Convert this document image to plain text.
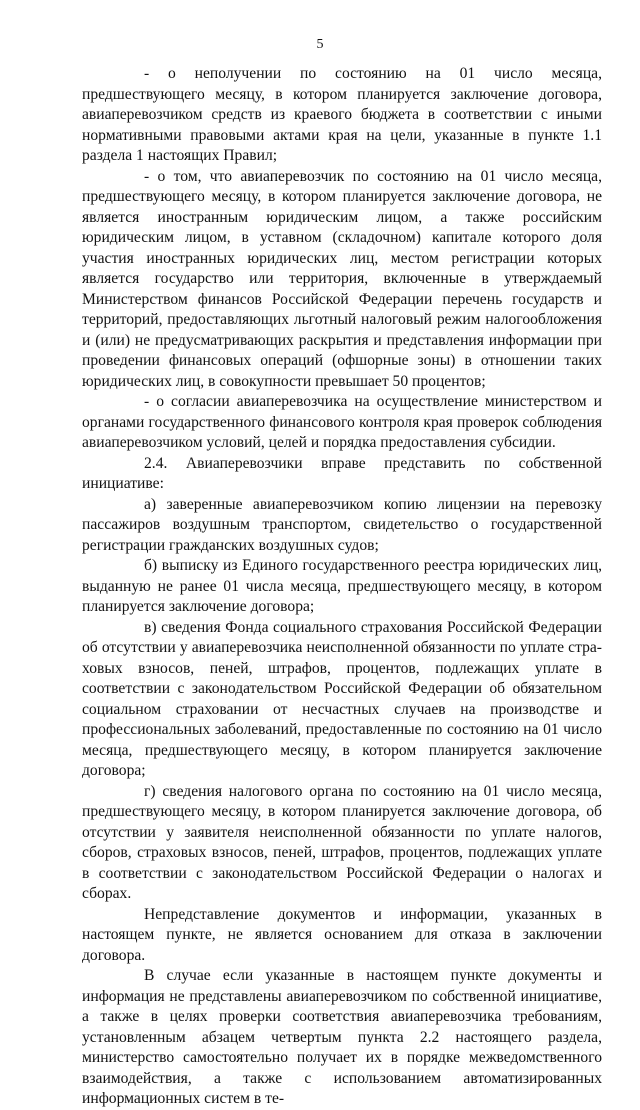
5

- о неполучении по состоянию на 01 число месяца, предшествующего месяцу, в котором планируется заключение договора, авиаперевозчиком средств из краевого бюджета в соответствии с иными нормативными правовыми актами края на цели, указанные в пункте 1.1 раздела 1 настоящих Правил;

- о том, что авиаперевозчик по состоянию на 01 число месяца, предшествующего месяцу, в котором планируется заключение договора, не является иностранным юридическим лицом, а также российским юридическим лицом, в уставном (складочном) капитале которого доля участия иностранных юридических лиц, местом регистрации которых является государство или территория, включенные в утверждаемый Министерством финансов Российской Федерации перечень государств и территорий, предоставляющих льготный налоговый режим налогообложения и (или) не предусматривающих раскрытия и представления информации при проведении финансовых операций (офшорные зоны) в отношении таких юридических лиц, в совокупности превышает 50 процентов;

- о согласии авиаперевозчика на осуществление министерством и органами государственного финансового контроля края проверок соблюдения авиаперевозчиком условий, целей и порядка предоставления субсидии.

2.4. Авиаперевозчики вправе представить по собственной инициативе:

а) заверенные авиаперевозчиком копию лицензии на перевозку пассажиров воздушным транспортом, свидетельство о государственной регистрации гражданских воздушных судов;

б) выписку из Единого государственного реестра юридических лиц, выданную не ранее 01 числа месяца, предшествующего месяцу, в котором планируется заключение договора;

в) сведения Фонда социального страхования Российской Федерации об отсутствии у авиаперевозчика неисполненной обязанности по уплате страховых взносов, пеней, штрафов, процентов, подлежащих уплате в соответствии с законодательством Российской Федерации об обязательном социальном страховании от несчастных случаев на производстве и профессиональных заболеваний, предоставленные по состоянию на 01 число месяца, предшествующего месяцу, в котором планируется заключение договора;

г) сведения налогового органа по состоянию на 01 число месяца, предшествующего месяцу, в котором планируется заключение договора, об отсутствии у заявителя неисполненной обязанности по уплате налогов, сборов, страховых взносов, пеней, штрафов, процентов, подлежащих уплате в соответствии с законодательством Российской Федерации о налогах и сборах.

Непредставление документов и информации, указанных в настоящем пункте, не является основанием для отказа в заключении договора.

В случае если указанные в настоящем пункте документы и информация не представлены авиаперевозчиком по собственной инициативе, а также в целях проверки соответствия авиаперевозчика требованиям, установленным абзацем четвертым пункта 2.2 настоящего раздела, министерство самостоятельно получает их в порядке межведомственного взаимодействия, а также с использованием автоматизированных информационных систем в те-
